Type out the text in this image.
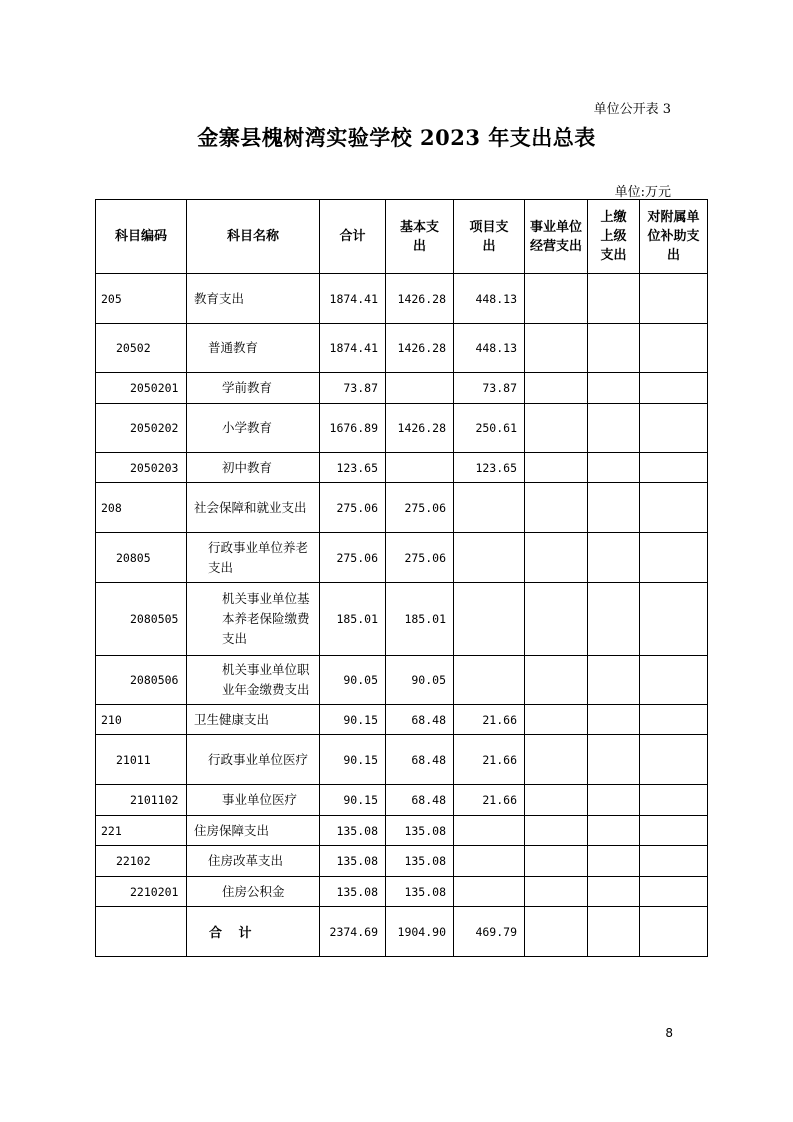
单位公开表 3
金寨县槐树湾实验学校 2023 年支出总表
单位:万元
科目编码	科目名称	合计	基本支出	项目支出	事业单位经营支出	上缴上级支出	对附属单位补助支出
205	教育支出	1874.41	1426.28	448.13			
20502	普通教育	1874.41	1426.28	448.13			
2050201	学前教育	73.87		73.87			
2050202	小学教育	1676.89	1426.28	250.61			
2050203	初中教育	123.65		123.65			
208	社会保障和就业支出	275.06	275.06				
20805	行政事业单位养老支出	275.06	275.06				
2080505	机关事业单位基本养老保险缴费支出	185.01	185.01				
2080506	机关事业单位职业年金缴费支出	90.05	90.05				
210	卫生健康支出	90.15	68.48	21.66			
21011	行政事业单位医疗	90.15	68.48	21.66			
2101102	事业单位医疗	90.15	68.48	21.66			
221	住房保障支出	135.08	135.08				
22102	住房改革支出	135.08	135.08				
2210201	住房公积金	135.08	135.08				
	合 计	2374.69	1904.90	469.79			
8
